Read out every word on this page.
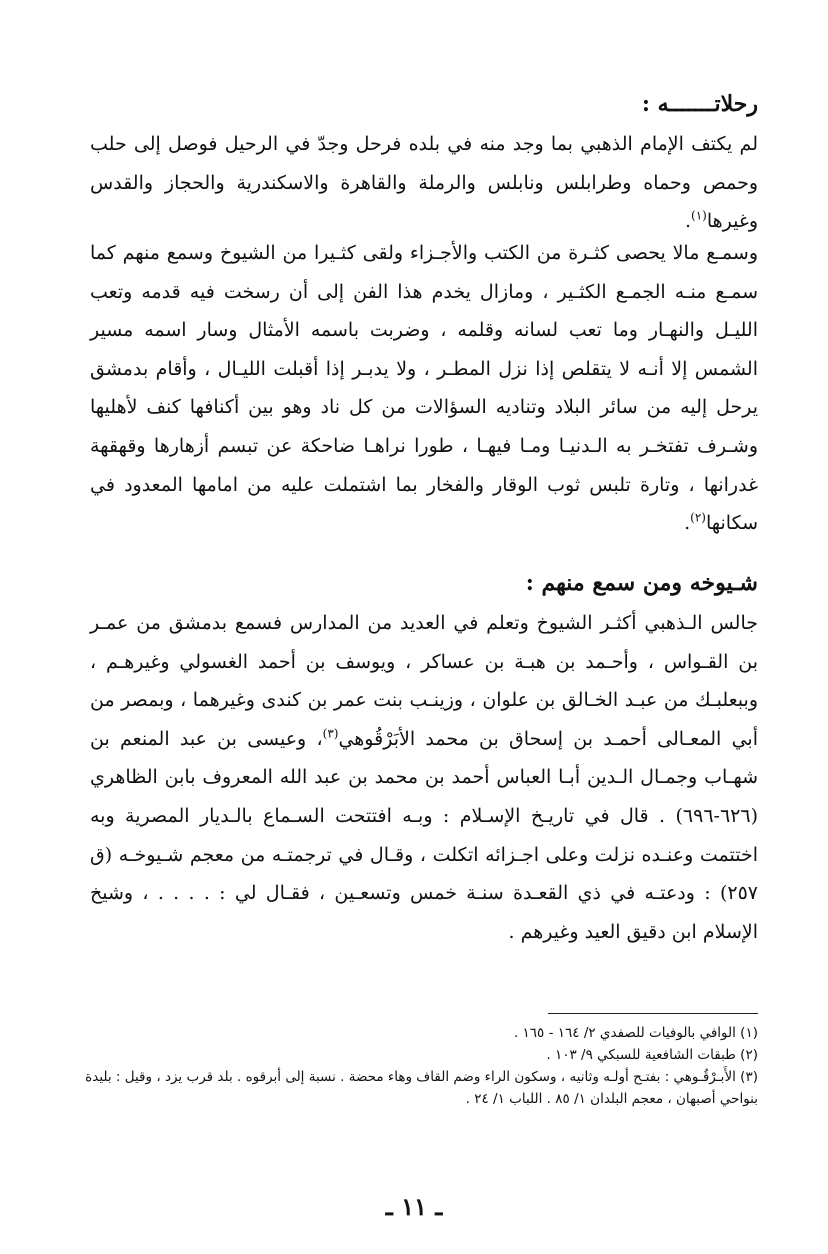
رحلاتـــــــه :

لم يكتف الإمام الذهبي بما وجد منه في بلده فرحل وجدّ في الرحيل فوصل إلى حلب وحمص وحماه وطرابلس ونابلس والرملة والقاهرة والاسكندرية والحجاز والقدس وغيرها$^{(١)}$.

وسمـع مالا يحصى كثـرة من الكتب والأجـزاء ولقى كثـيرا من الشيوخ وسمع منهم كما سمـع منـه الجمـع الكثـير ، ومازال يخدم هذا الفن إلى أن رسخت فيه قدمه وتعب الليـل والنهـار وما تعب لسانه وقلمه ، وضربت باسمه الأمثال وسار اسمه مسير الشمس إلا أنـه لا يتقلص إذا نزل المطـر ، ولا يدبـر إذا أقبلت الليـال ، وأقام بدمشق يرحل إليه من سائر البلاد وتناديه السؤالات من كل ناد وهو بين أكنافها كنف لأهليها وشـرف تفتخـر به الـدنيـا ومـا فيهـا ، طورا نراهـا ضاحكة عن تبسم أزهارها وقهقهة غدرانها ، وتارة تلبس ثوب الوقار والفخار بما اشتملت عليه من امامها المعدود في سكانها$^{(٢)}$.

شـيوخه ومن سمع منهم :

جالس الـذهبي أكثـر الشيوخ وتعلم في العديد من المدارس فسمع بدمشق من عمـر بن القـواس ، وأحـمد بن هبـة بن عساكر ، ويوسف بن أحمد الغسولي وغيرهـم ، وببعلبـك من عبـد الخـالق بن علوان ، وزينـب بنت عمر بن كندى وغيرهما ، وبمصر من أبي المعـالى أحمـد بن إسحاق بن محمد الأبَرْقُوهي$^{(٣)}$، وعيسى بن عبد المنعم بن شهـاب وجمـال الـدين أبـا العباس أحمد بن محمد بن عبد الله المعروف بابن الظاهري (٦٢٦-٦٩٦) . قال في تاريـخ الإسـلام : وبـه افتتحت السـماع بالـديار المصرية وبه اختتمت وعنـده نزلت وعلى اجـزائه اتكلت ، وقـال في ترجمتـه من معجم شـيوخـه (ق ٢٥٧) : ودعتـه في ذي القعـدة سنـة خمس وتسعـين ، فقـال لي : . . . . ، وشيخ الإسلام ابن دقيق العيد وغيرهم .

(١) الوافي بالوفيات للصفدي ٢/ ١٦٤ - ١٦٥ .

(٢) طبقات الشافعية للسبكي ٩/ ١٠٣ .

(٣) الأَبـرْقُـوهي : بفتـح أولـه وثانيه ، وسكون الراء وضم القاف وهاء محضة . نسبة إلى أبرقوه . بلد قرب يزد ، وقيل : بليدة بنواحي أصبهان ، معجم البلدان ١/ ٨٥ . اللباب ١/ ٢٤ .

ـ ١١ ـ
